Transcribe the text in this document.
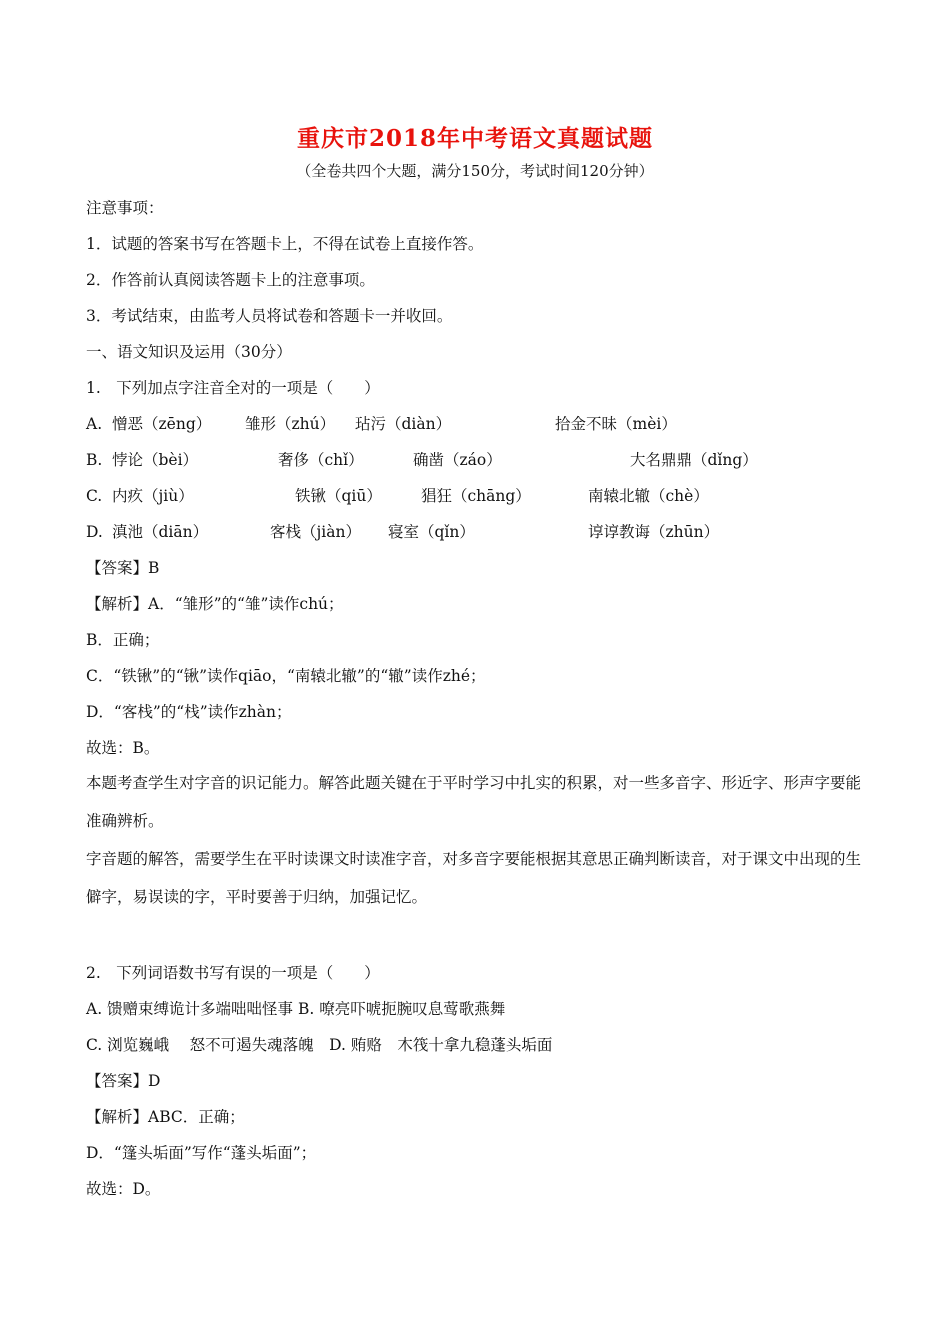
重庆市2018年中考语文真题试题
（全卷共四个大题，满分150分，考试时间120分钟）
注意事项：
1．试题的答案书写在答题卡上，不得在试卷上直接作答。
2．作答前认真阅读答题卡上的注意事项。
3．考试结束，由监考人员将试卷和答题卡一并收回。
一、语文知识及运用（30分）
1.　下列加点字注音全对的一项是（　　）
A. 憎恶（zēng） 雏形（zhú） 玷污（diàn）	拾金不昧（mèi）
B. 悖论（bèi）	奢侈（chǐ）	确凿（záo）	大名鼎鼎（dǐng）
C. 内疚（jiù）	铁锹（qiū）	猖狂（chāng）	南辕北辙（chè）
D. 滇池（diān）	客栈（jiàn） 寝室（qǐn）	谆谆教诲（zhūn）
【答案】B
【解析】A．“雏形”的“雏”读作chú；
B．正确；
C．“铁锹”的“锹”读作qiāo，“南辕北辙”的“辙”读作zhé；
D．“客栈”的“栈”读作zhàn；
故选：B。
本题考查学生对字音的识记能力。解答此题关键在于平时学习中扎实的积累，对一些多音字、形近字、形声字要能准确辨析。
字音题的解答，需要学生在平时读课文时读准字音，对多音字要能根据其意思正确判断读音，对于课文中出现的生僻字，易误读的字，平时要善于归纳，加强记忆。
2.　下列词语数书写有误的一项是（　　）
A. 馈赠束缚诡计多端咄咄怪事 B. 嘹亮吓唬扼腕叹息莺歌燕舞
C. 浏览巍峨　 怒不可遏失魂落魄　D. 贿赂　木筏十拿九稳蓬头垢面
【答案】D
【解析】ABC．正确；
D．“篷头垢面”写作“蓬头垢面”；
故选：D。
